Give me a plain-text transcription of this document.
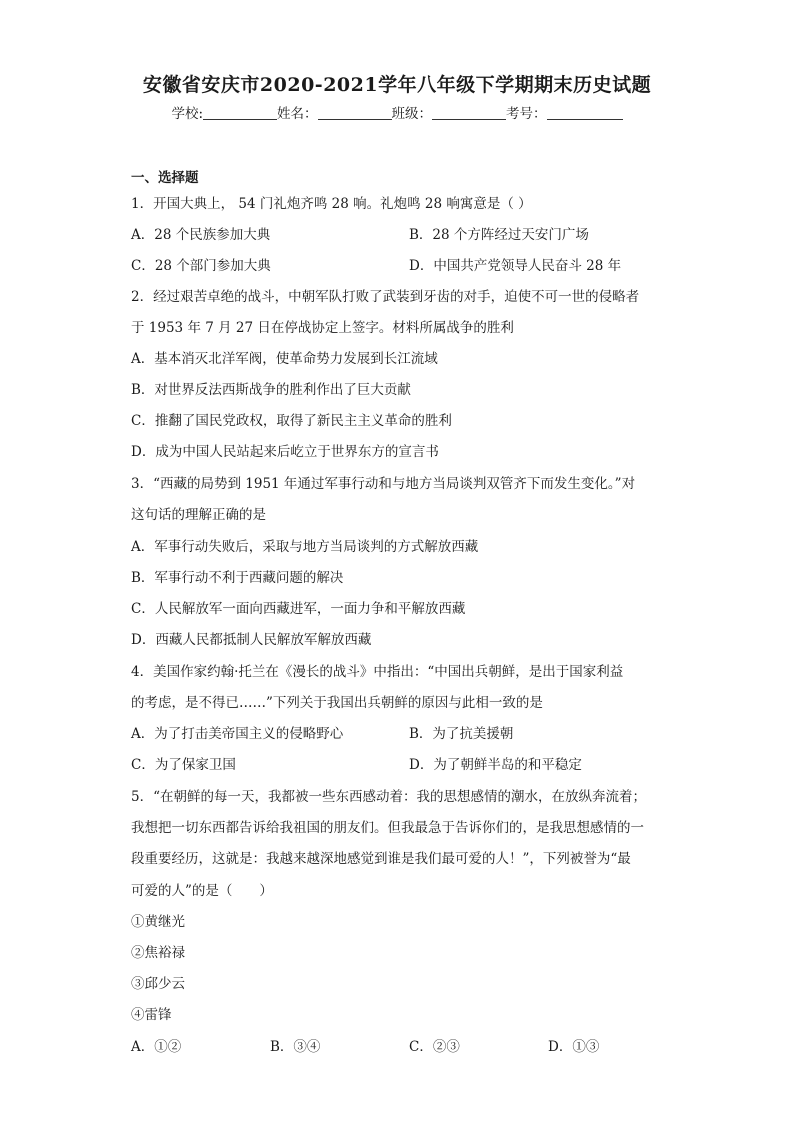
安徽省安庆市2020-2021学年八年级下学期期末历史试题
学校:	姓名：	班级：	考号：
一、选择题
1．开国大典上， 54 门礼炮齐鸣 28 响。礼炮鸣 28 响寓意是（ ）
A．28 个民族参加大典	B．28 个方阵经过天安门广场
C．28 个部门参加大典	D．中国共产党领导人民奋斗 28 年
2．经过艰苦卓绝的战斗，中朝军队打败了武装到牙齿的对手，迫使不可一世的侵略者
于 1953 年 7 月 27 日在停战协定上签字。材料所属战争的胜利
A．基本消灭北洋军阀，使革命势力发展到长江流域
B．对世界反法西斯战争的胜利作出了巨大贡献
C．推翻了国民党政权，取得了新民主主义革命的胜利
D．成为中国人民站起来后屹立于世界东方的宣言书
3．“西藏的局势到 1951 年通过军事行动和与地方当局谈判双管齐下而发生变化。”对
这句话的理解正确的是
A．军事行动失败后，采取与地方当局谈判的方式解放西藏
B．军事行动不利于西藏问题的解决
C．人民解放军一面向西藏进军，一面力争和平解放西藏
D．西藏人民都抵制人民解放军解放西藏
4．美国作家约翰·托兰在《漫长的战斗》中指出：“中国出兵朝鲜，是出于国家利益
的考虑，是不得已……”下列关于我国出兵朝鲜的原因与此相一致的是
A．为了打击美帝国主义的侵略野心	B．为了抗美援朝
C．为了保家卫国	D．为了朝鲜半岛的和平稳定
5．“在朝鲜的每一天，我都被一些东西感动着：我的思想感情的潮水，在放纵奔流着；
我想把一切东西都告诉给我祖国的朋友们。但我最急于告诉你们的，是我思想感情的一
段重要经历，这就是：我越来越深地感觉到谁是我们最可爱的人！”，下列被誉为“最
可爱的人”的是（　　）
①黄继光
②焦裕禄
③邱少云
④雷锋
A．①②	B．③④	C．②③	D．①③
